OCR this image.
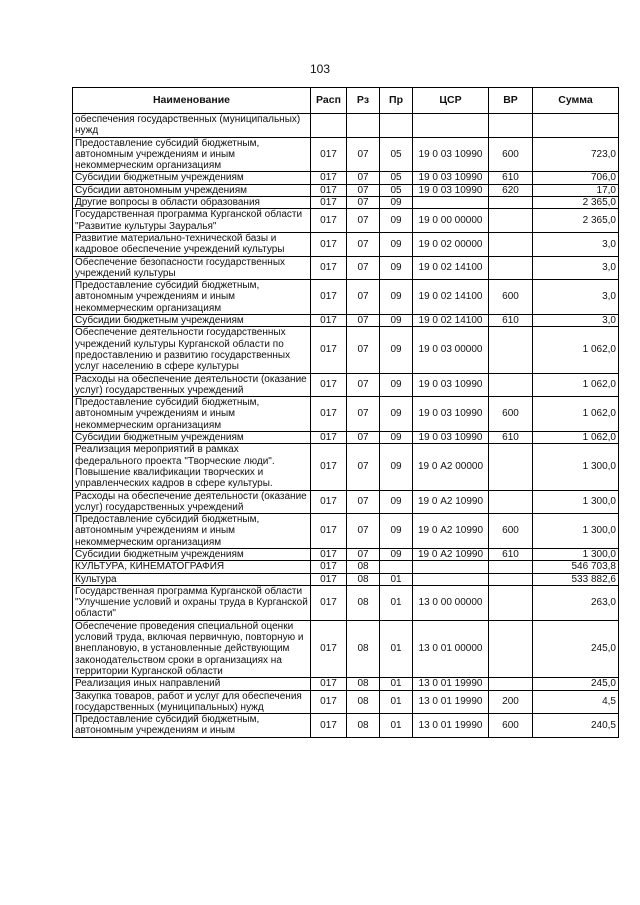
103
Наименование	Расп	Рз	Пр	ЦСР	ВР	Сумма
обеспечения государственных (муниципальных) нужд						
Предоставление субсидий бюджетным, автономным учреждениям и иным некоммерческим организациям	017	07	05	19 0 03 10990	600	723,0
Субсидии бюджетным учреждениям	017	07	05	19 0 03 10990	610	706,0
Субсидии автономным учреждениям	017	07	05	19 0 03 10990	620	17,0
Другие вопросы в области образования	017	07	09			2 365,0
Государственная программа Курганской области "Развитие культуры Зауралья"	017	07	09	19 0 00 00000		2 365,0
Развитие материально-технической базы и кадровое обеспечение учреждений культуры	017	07	09	19 0 02 00000		3,0
Обеспечение безопасности государственных учреждений культуры	017	07	09	19 0 02 14100		3,0
Предоставление субсидий бюджетным, автономным учреждениям и иным некоммерческим организациям	017	07	09	19 0 02 14100	600	3,0
Субсидии бюджетным учреждениям	017	07	09	19 0 02 14100	610	3,0
Обеспечение деятельности государственных учреждений культуры Курганской области по предоставлению и развитию государственных услуг населению в сфере культуры	017	07	09	19 0 03 00000		1 062,0
Расходы на обеспечение деятельности (оказание услуг) государственных учреждений	017	07	09	19 0 03 10990		1 062,0
Предоставление субсидий бюджетным, автономным учреждениям и иным некоммерческим организациям	017	07	09	19 0 03 10990	600	1 062,0
Субсидии бюджетным учреждениям	017	07	09	19 0 03 10990	610	1 062,0
Реализация мероприятий в рамках федерального проекта "Творческие люди". Повышение квалификации творческих и управленческих кадров в сфере культуры.	017	07	09	19 0 А2 00000		1 300,0
Расходы на обеспечение деятельности (оказание услуг) государственных учреждений	017	07	09	19 0 А2 10990		1 300,0
Предоставление субсидий бюджетным, автономным учреждениям и иным некоммерческим организациям	017	07	09	19 0 А2 10990	600	1 300,0
Субсидии бюджетным учреждениям	017	07	09	19 0 А2 10990	610	1 300,0
КУЛЬТУРА, КИНЕМАТОГРАФИЯ	017	08				546 703,8
Культура	017	08	01			533 882,6
Государственная программа Курганской области "Улучшение условий и охраны труда в Курганской области"	017	08	01	13 0 00 00000		263,0
Обеспечение проведения специальной оценки условий труда, включая первичную, повторную и внеплановую, в установленные действующим законодательством сроки в организациях на территории Курганской области	017	08	01	13 0 01 00000		245,0
Реализация иных направлений	017	08	01	13 0 01 19990		245,0
Закупка товаров, работ и услуг для обеспечения государственных (муниципальных) нужд	017	08	01	13 0 01 19990	200	4,5
Предоставление субсидий бюджетным, автономным учреждениям и иным	017	08	01	13 0 01 19990	600	240,5
